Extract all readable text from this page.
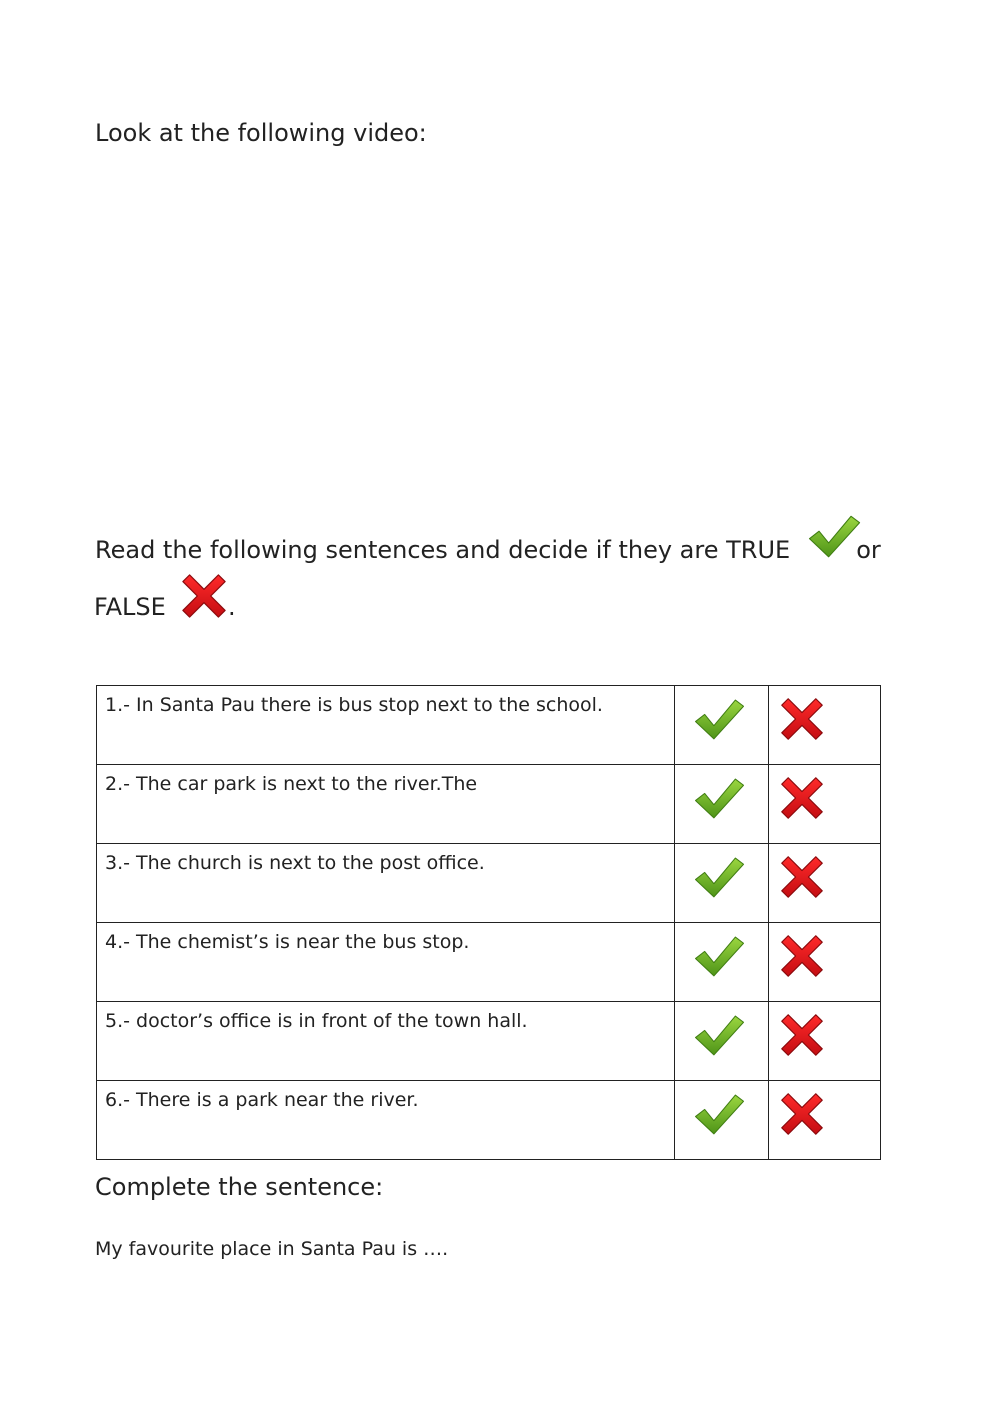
Look at the following video:
Read the following sentences and decide if they are TRUE	or
FALSE	.
1.- In Santa Pau there is bus stop next to the school.	

2.- The car park is next to the river.The	

3.- The church is next to the post office.	

4.- The chemist’s is near the bus stop.	

5.- doctor’s office is in front of the town hall.	

6.- There is a park near the river.	

Complete the sentence:
My favourite place in Santa Pau is ….
